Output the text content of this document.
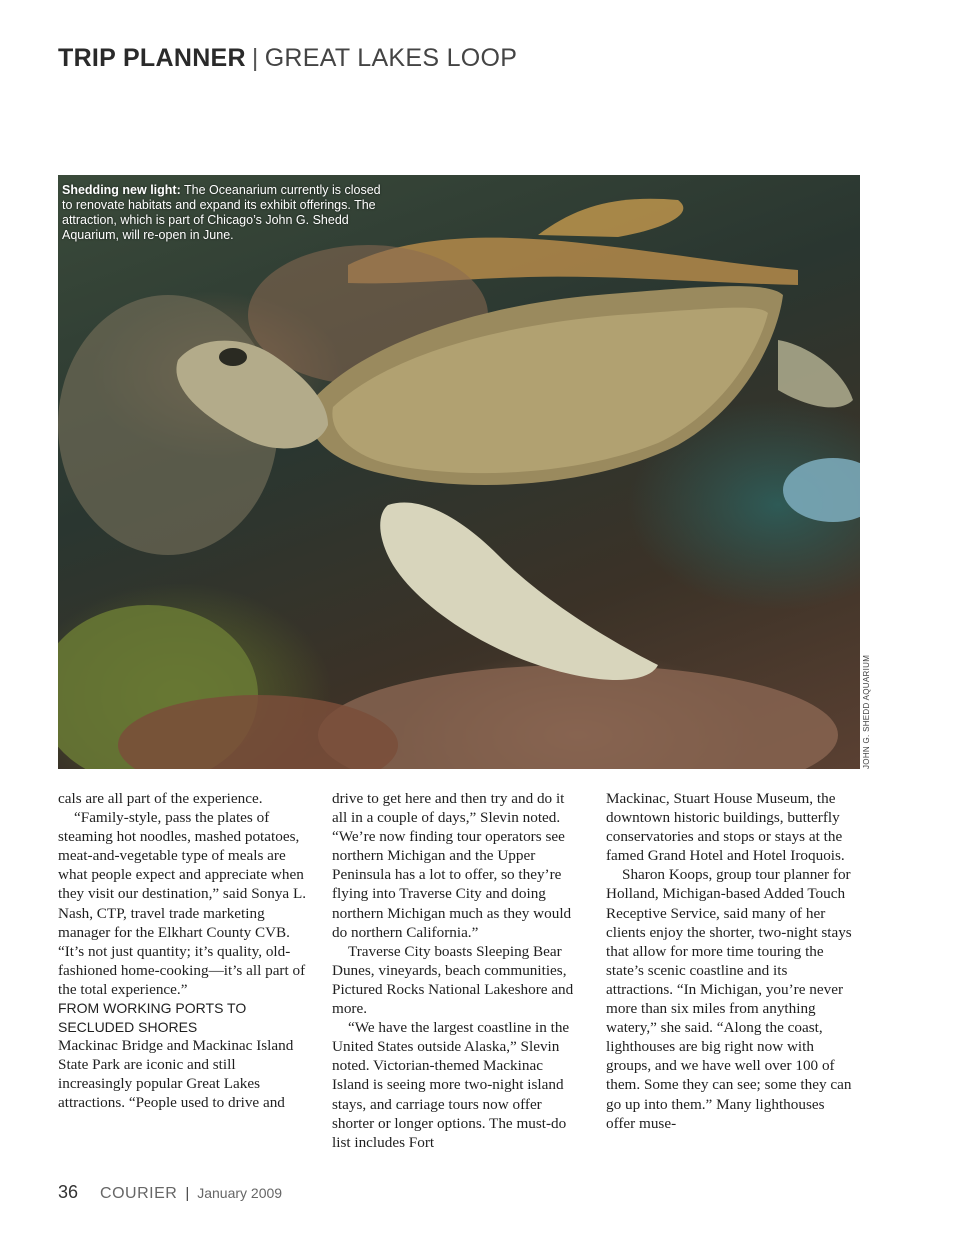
TRIP PLANNER | GREAT LAKES LOOP
Shedding new light: The Oceanarium currently is closed to renovate habitats and expand its exhibit offerings. The attraction, which is part of Chicago’s John G. Shedd Aquarium, will re-open in June.
JOHN G. SHEDD AQUARIUM

cals are all part of the experience.

“Family-style, pass the plates of steaming hot noodles, mashed potatoes, meat-and-vegetable type of meals are what people expect and appreciate when they visit our destination,” said Sonya L. Nash, CTP, travel trade marketing manager for the Elkhart County CVB. “It’s not just quantity; it’s quality, old-fashioned home-cooking—it’s all part of the total experience.”

FROM WORKING PORTS TO SECLUDED SHORES

Mackinac Bridge and Mackinac Island State Park are iconic and still increasingly popular Great Lakes attractions. “People used to drive and

drive to get here and then try and do it all in a couple of days,” Slevin noted. “We’re now finding tour operators see northern Michigan and the Upper Peninsula has a lot to offer, so they’re flying into Traverse City and doing northern Michigan much as they would do northern California.”

Traverse City boasts Sleeping Bear Dunes, vineyards, beach communities, Pictured Rocks National Lakeshore and more.

“We have the largest coastline in the United States outside Alaska,” Slevin noted. Victorian-themed Mackinac Island is seeing more two-night island stays, and carriage tours now offer shorter or longer options. The must-do list includes Fort

Mackinac, Stuart House Museum, the downtown historic buildings, butterfly conservatories and stops or stays at the famed Grand Hotel and Hotel Iroquois.

Sharon Koops, group tour planner for Holland, Michigan-based Added Touch Receptive Service, said many of her clients enjoy the shorter, two-night stays that allow for more time touring the state’s scenic coastline and its attractions. “In Michigan, you’re never more than six miles from anything watery,” she said. “Along the coast, lighthouses are big right now with groups, and we have well over 100 of them. Some they can see; some they can go up into them.” Many lighthouses offer muse-

36 COURIER | January 2009
